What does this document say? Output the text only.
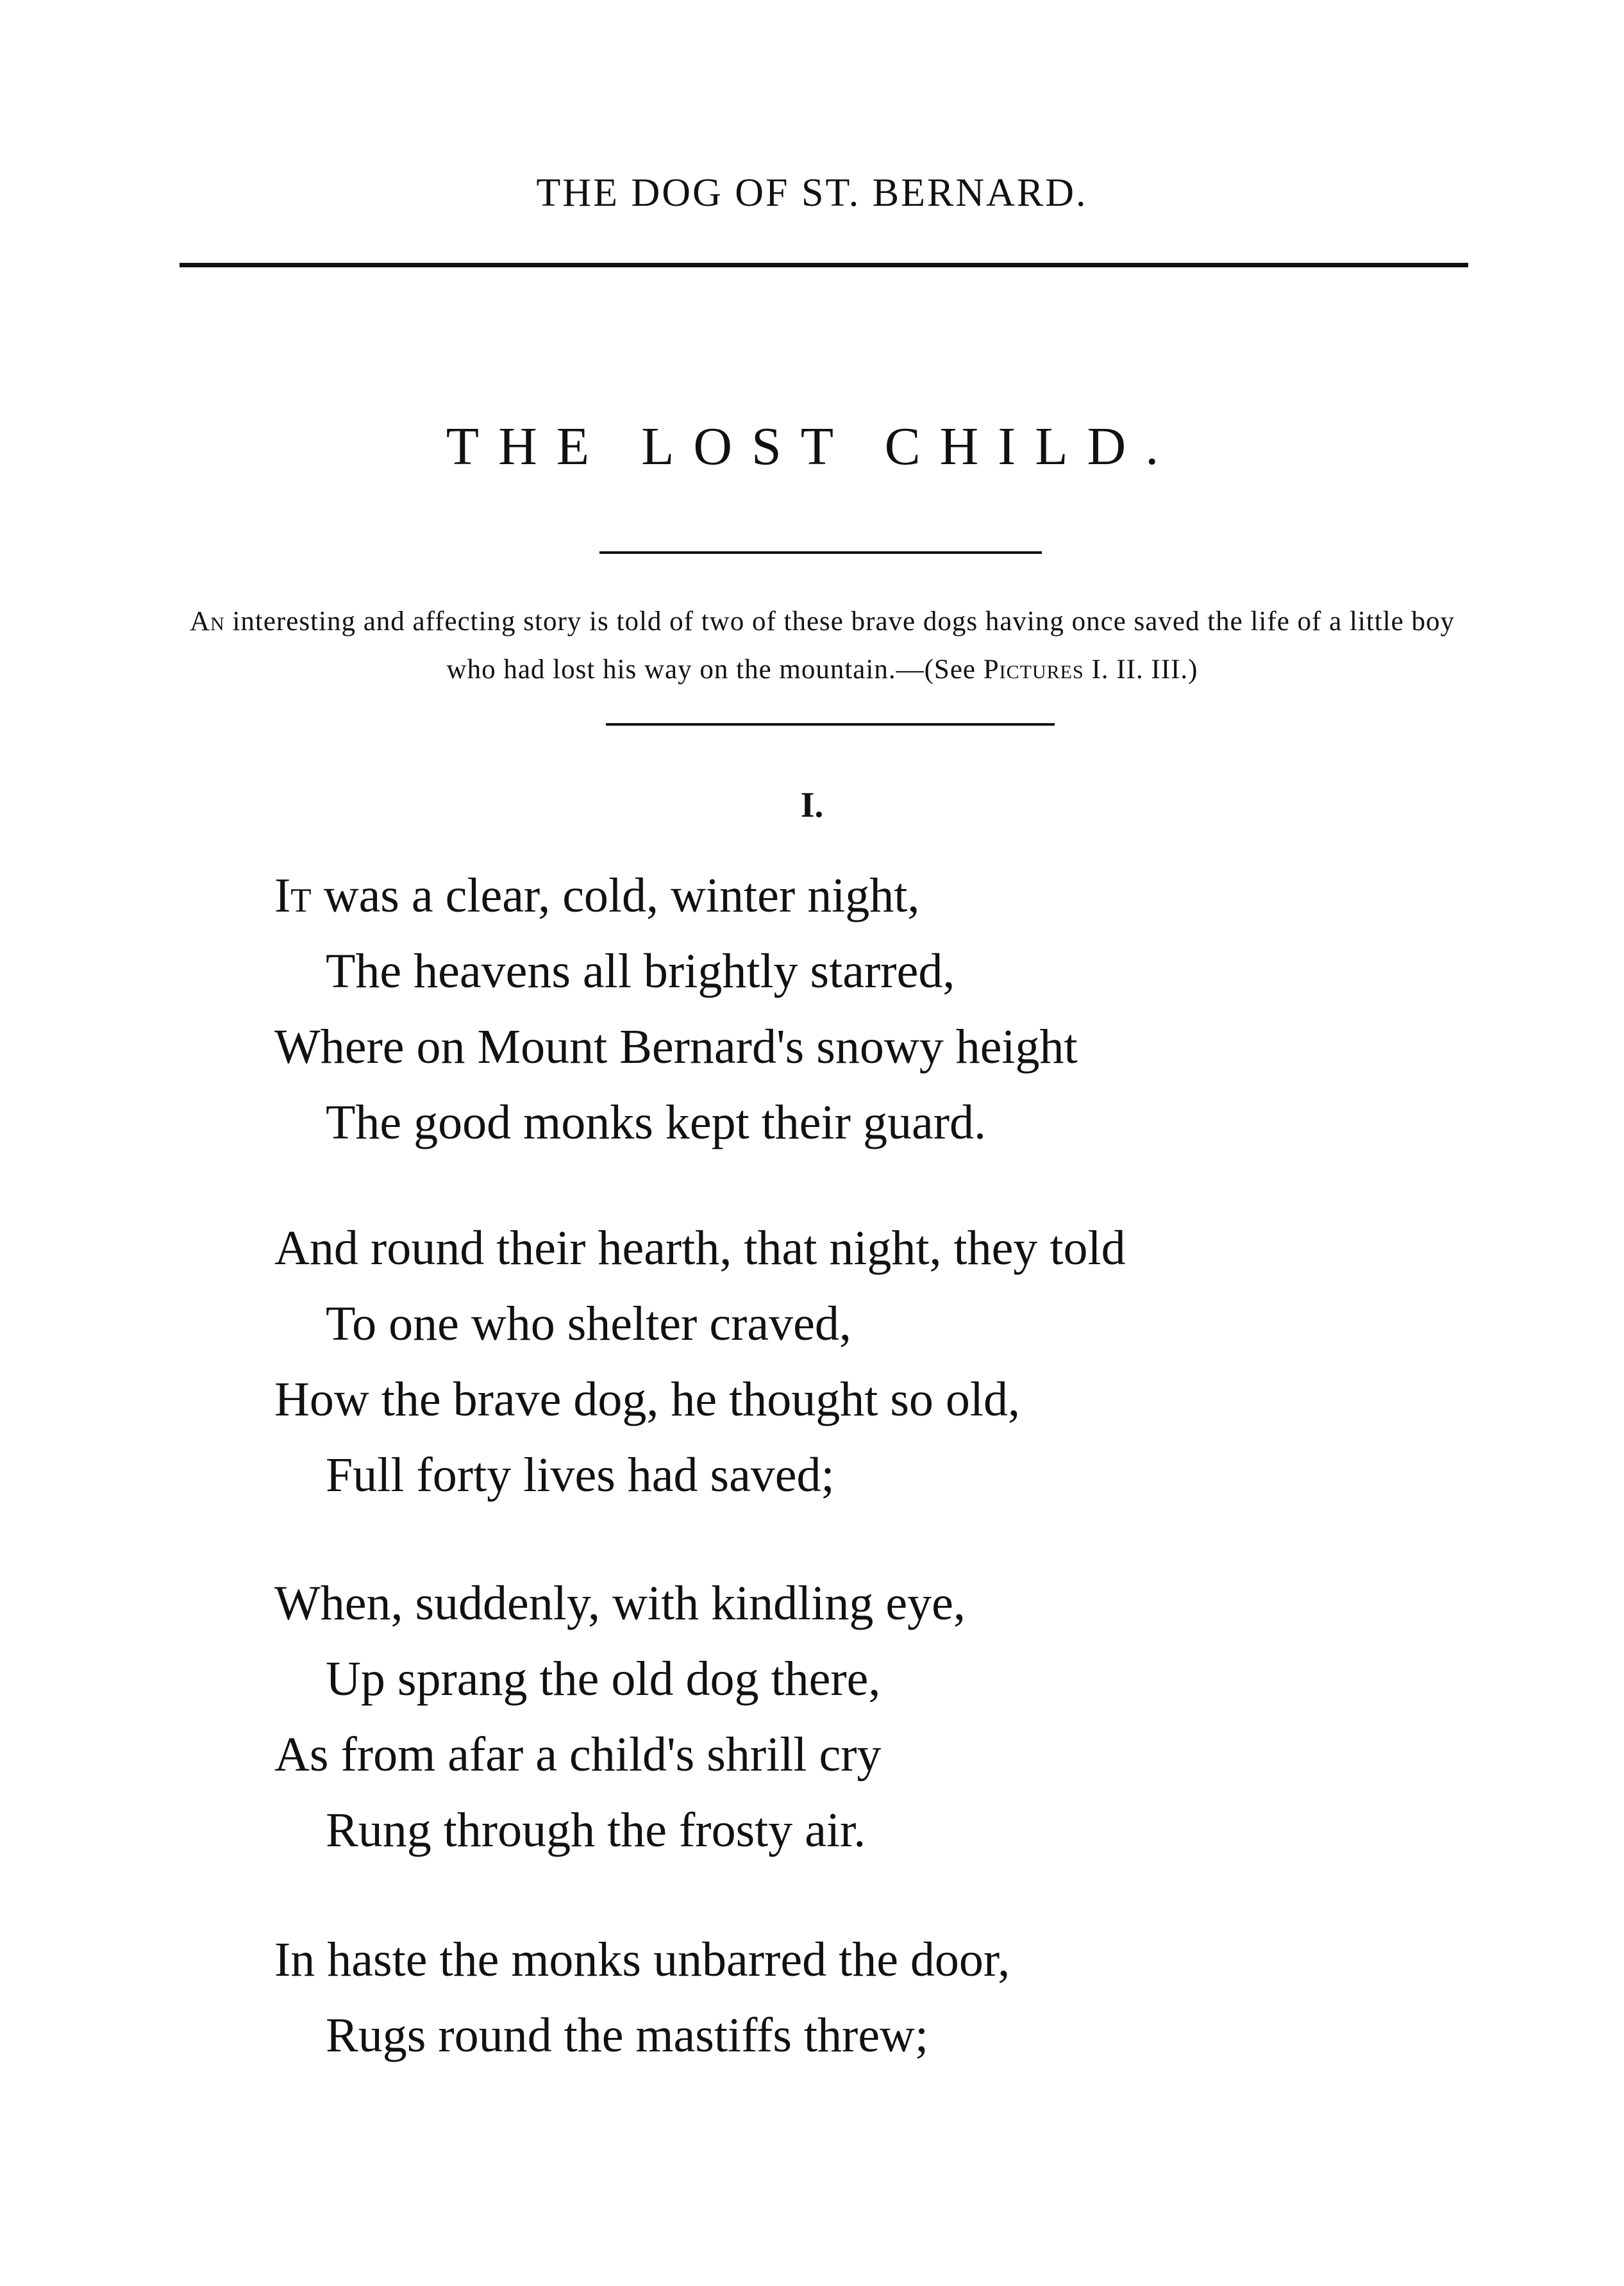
THE DOG OF ST. BERNARD.
THE LOST CHILD.
An interesting and affecting story is told of two of these brave dogs having once saved the life of a little boy who had lost his way on the mountain.—(See Pictures I. II. III.)
I.
It was a clear, cold, winter night,
The heavens all brightly starred,
Where on Mount Bernard's snowy height
The good monks kept their guard.
And round their hearth, that night, they told
To one who shelter craved,
How the brave dog, he thought so old,
Full forty lives had saved;
When, suddenly, with kindling eye,
Up sprang the old dog there,
As from afar a child's shrill cry
Rung through the frosty air.
In haste the monks unbarred the door,
Rugs round the mastiffs threw;
